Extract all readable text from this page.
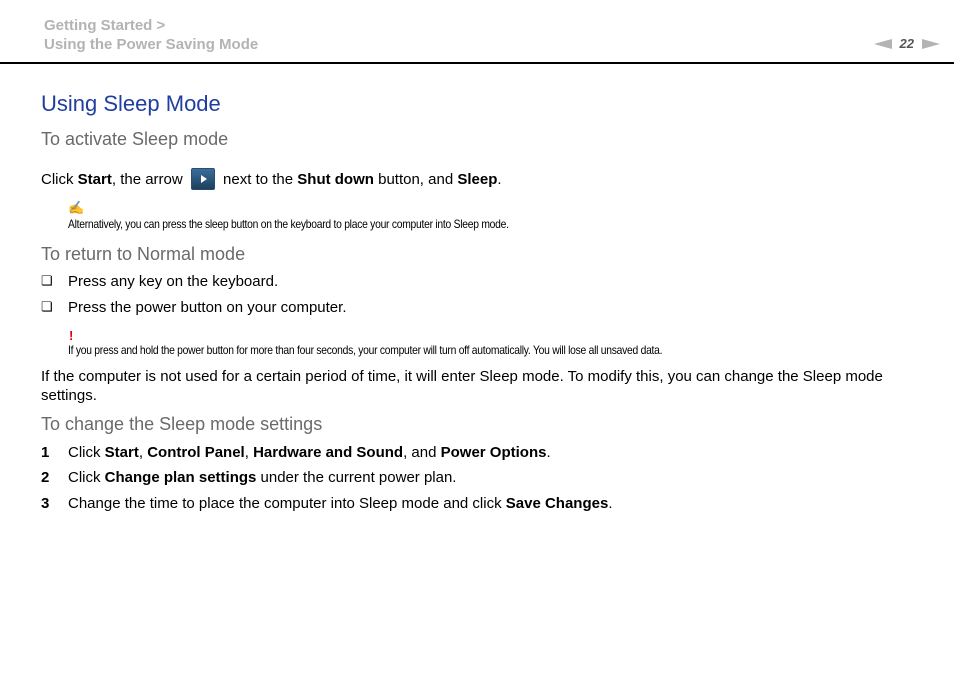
Getting Started >
Using the Power Saving Mode	22
Using Sleep Mode
To activate Sleep mode
Click Start, the arrow  next to the Shut down button, and Sleep.
✍
Alternatively, you can press the sleep button on the keyboard to place your computer into Sleep mode.
To return to Normal mode
❏	Press any key on the keyboard.
❏	Press the power button on your computer.
!
If you press and hold the power button for more than four seconds, your computer will turn off automatically. You will lose all unsaved data.
If the computer is not used for a certain period of time, it will enter Sleep mode. To modify this, you can change the Sleep mode settings.
To change the Sleep mode settings
1	Click Start, Control Panel, Hardware and Sound, and Power Options.
2	Click Change plan settings under the current power plan.
3	Change the time to place the computer into Sleep mode and click Save Changes.
